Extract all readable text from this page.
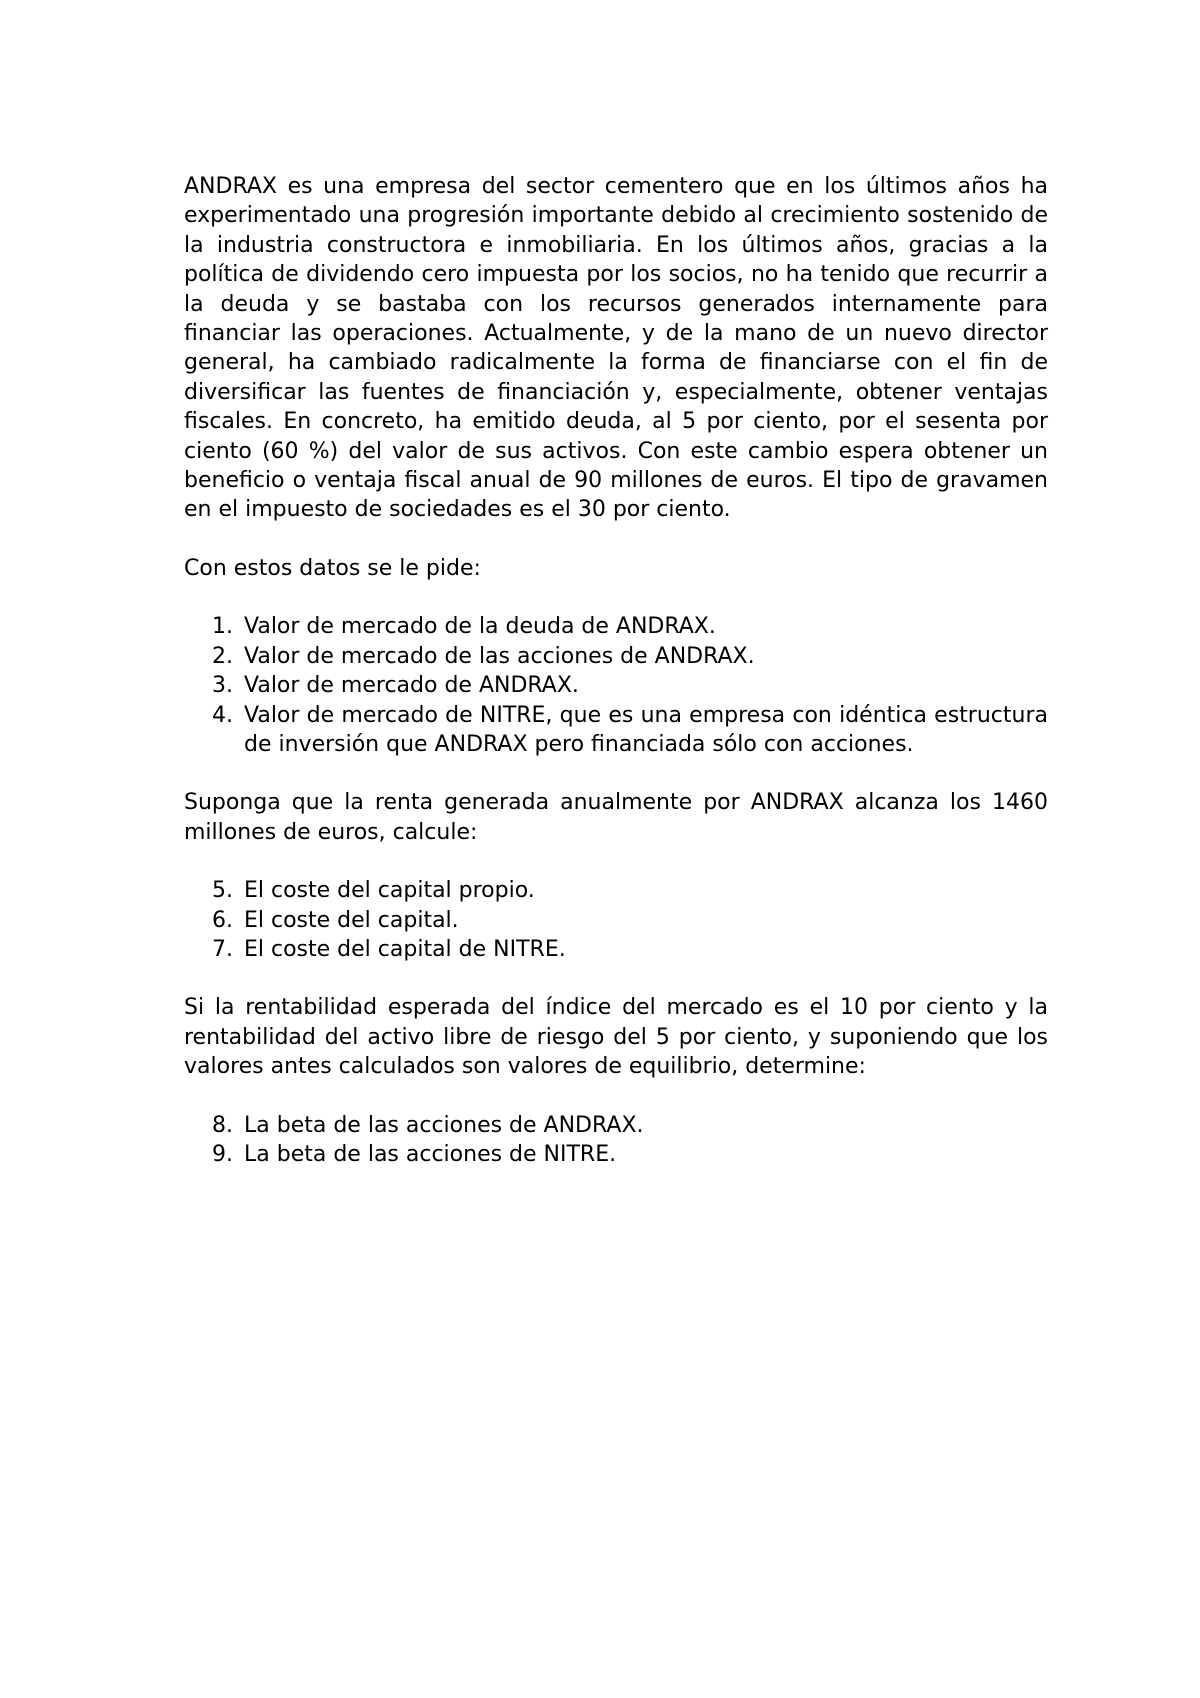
ANDRAX es una empresa del sector cementero que en los últimos años ha experimentado una progresión importante debido al crecimiento sostenido de la industria constructora e inmobiliaria. En los últimos años, gracias a la política de dividendo cero impuesta por los socios, no ha tenido que recurrir a la deuda y se bastaba con los recursos generados internamente para financiar las operaciones. Actualmente, y de la mano de un nuevo director general, ha cambiado radicalmente la forma de financiarse con el fin de diversificar las fuentes de financiación y, especialmente, obtener ventajas fiscales. En concreto, ha emitido deuda, al 5 por ciento, por el sesenta por ciento (60 %) del valor de sus activos. Con este cambio espera obtener un beneficio o ventaja fiscal anual de 90 millones de euros. El tipo de gravamen en el impuesto de sociedades es el 30 por ciento.

Con estos datos se le pide:

1. Valor de mercado de la deuda de ANDRAX.
2. Valor de mercado de las acciones de ANDRAX.
3. Valor de mercado de ANDRAX.
4. Valor de mercado de NITRE, que es una empresa con idéntica estructura de inversión que ANDRAX pero financiada sólo con acciones.

Suponga que la renta generada anualmente por ANDRAX alcanza los 1460 millones de euros, calcule:

5. El coste del capital propio.
6. El coste del capital.
7. El coste del capital de NITRE.

Si la rentabilidad esperada del índice del mercado es el 10 por ciento y la rentabilidad del activo libre de riesgo del 5 por ciento, y suponiendo que los valores antes calculados son valores de equilibrio, determine:

8. La beta de las acciones de ANDRAX.
9. La beta de las acciones de NITRE.
